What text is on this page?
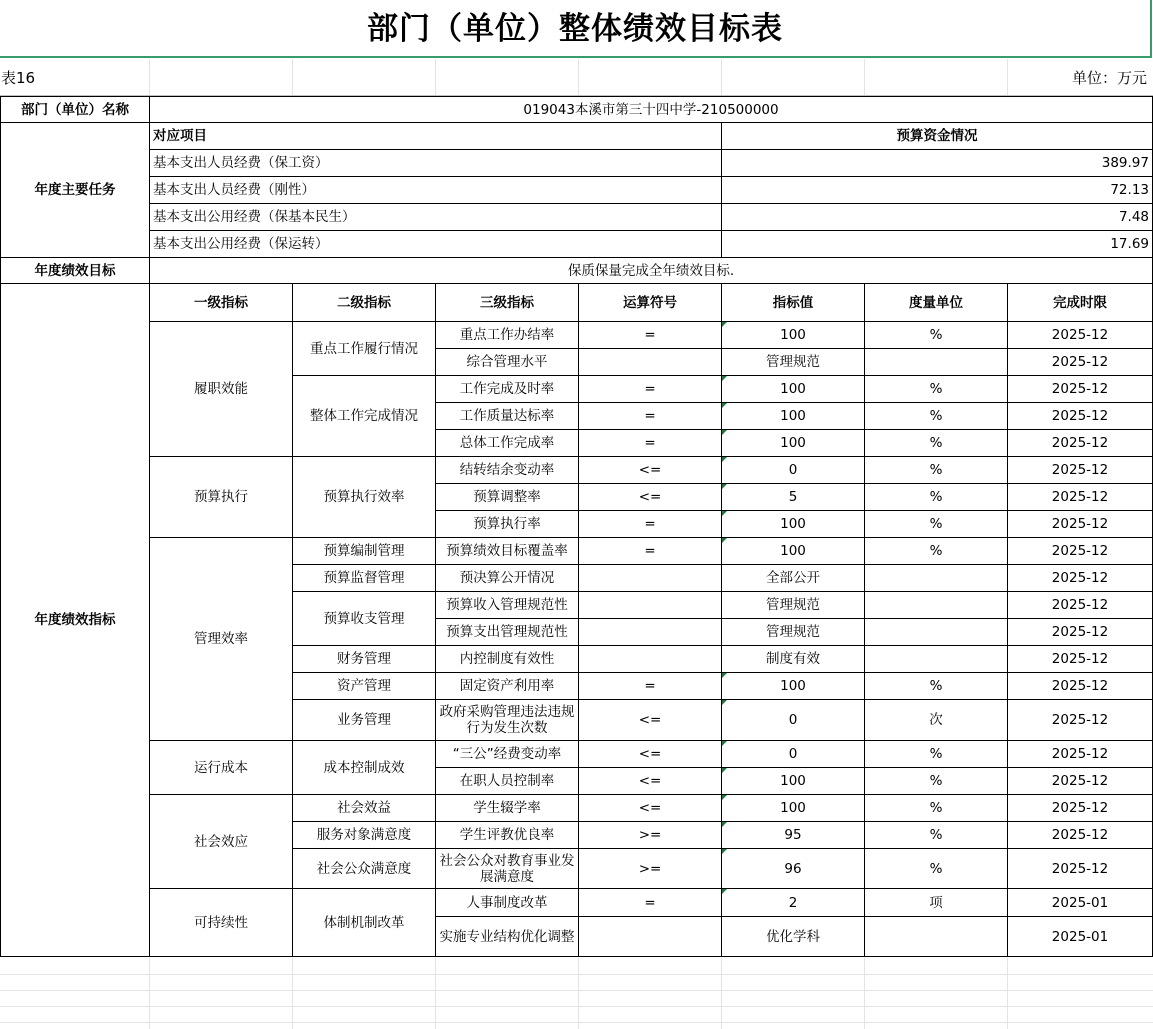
部门（单位）整体绩效目标表
表16	单位：万元
部门（单位）名称	019043本溪市第三十四中学-210500000						
年度主要任务	对应项目				预算资金情况		
	基本支出人员经费（保工资）				389.97		
	基本支出人员经费（刚性）				72.13		
	基本支出公用经费（保基本民生）				7.48		
	基本支出公用经费（保运转）				17.69		
年度绩效目标	保质保量完成全年绩效目标.						
年度绩效指标	一级指标	二级指标	三级指标	运算符号	指标值	度量单位	完成时限
	履职效能	重点工作履行情况	重点工作办结率	=	100	%	2025-12
			综合管理水平		管理规范		2025-12
		整体工作完成情况	工作完成及时率	=	100	%	2025-12
			工作质量达标率	=	100	%	2025-12
			总体工作完成率	=	100	%	2025-12
	预算执行	预算执行效率	结转结余变动率	<=	0	%	2025-12
			预算调整率	<=	5	%	2025-12
			预算执行率	=	100	%	2025-12
	管理效率	预算编制管理	预算绩效目标覆盖率	=	100	%	2025-12
		预算监督管理	预决算公开情况		全部公开		2025-12
		预算收支管理	预算收入管理规范性		管理规范		2025-12
			预算支出管理规范性		管理规范		2025-12
		财务管理	内控制度有效性		制度有效		2025-12
		资产管理	固定资产利用率	=	100	%	2025-12
		业务管理	政府采购管理违法违规行为发生次数	<=	0	次	2025-12
	运行成本	成本控制成效	“三公”经费变动率	<=	0	%	2025-12
			在职人员控制率	<=	100	%	2025-12
	社会效应	社会效益	学生辍学率	<=	100	%	2025-12
		服务对象满意度	学生评教优良率	>=	95	%	2025-12
		社会公众满意度	社会公众对教育事业发展满意度	>=	96	%	2025-12
	可持续性	体制机制改革	人事制度改革	=	2	项	2025-01
			实施专业结构优化调整		优化学科		2025-01
